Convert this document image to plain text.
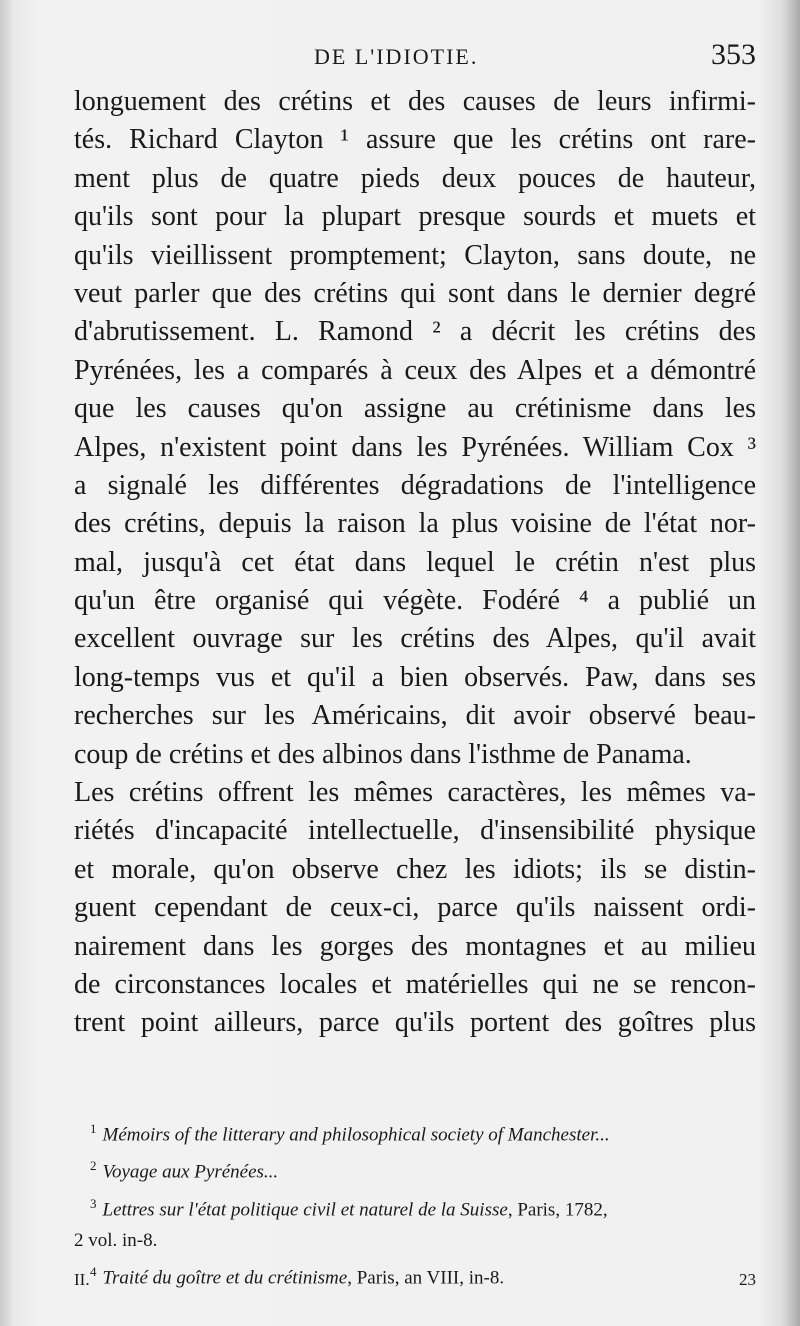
DE L'IDIOTIE.	353
longuement des crétins et des causes de leurs infirmi-
tés. Richard Clayton ¹ assure que les crétins ont rare-
ment plus de quatre pieds deux pouces de hauteur,
qu'ils sont pour la plupart presque sourds et muets et
qu'ils vieillissent promptement; Clayton, sans doute, ne
veut parler que des crétins qui sont dans le dernier degré
d'abrutissement. L. Ramond ² a décrit les crétins des
Pyrénées, les a comparés à ceux des Alpes et a démontré
que les causes qu'on assigne au crétinisme dans les
Alpes, n'existent point dans les Pyrénées. William Cox ³
a signalé les différentes dégradations de l'intelligence
des crétins, depuis la raison la plus voisine de l'état nor-
mal, jusqu'à cet état dans lequel le crétin n'est plus
qu'un être organisé qui végète. Fodéré ⁴ a publié un
excellent ouvrage sur les crétins des Alpes, qu'il avait
long-temps vus et qu'il a bien observés. Paw, dans ses
recherches sur les Américains, dit avoir observé beau-
coup de crétins et des albinos dans l'isthme de Panama.
Les crétins offrent les mêmes caractères, les mêmes va-
riétés d'incapacité intellectuelle, d'insensibilité physique
et morale, qu'on observe chez les idiots; ils se distin-
guent cependant de ceux-ci, parce qu'ils naissent ordi-
nairement dans les gorges des montagnes et au milieu
de circonstances locales et matérielles qui ne se rencon-
trent point ailleurs, parce qu'ils portent des goîtres plus
$^1$ Mémoirs of the litterary and philosophical society of Manchester...
$^2$ Voyage aux Pyrénées...
$^3$ Lettres sur l'état politique civil et naturel de la Suisse, Paris, 1782,
2 vol. in-8.
$^4$ Traité du goître et du crétinisme, Paris, an VIII, in-8.
II.	23
